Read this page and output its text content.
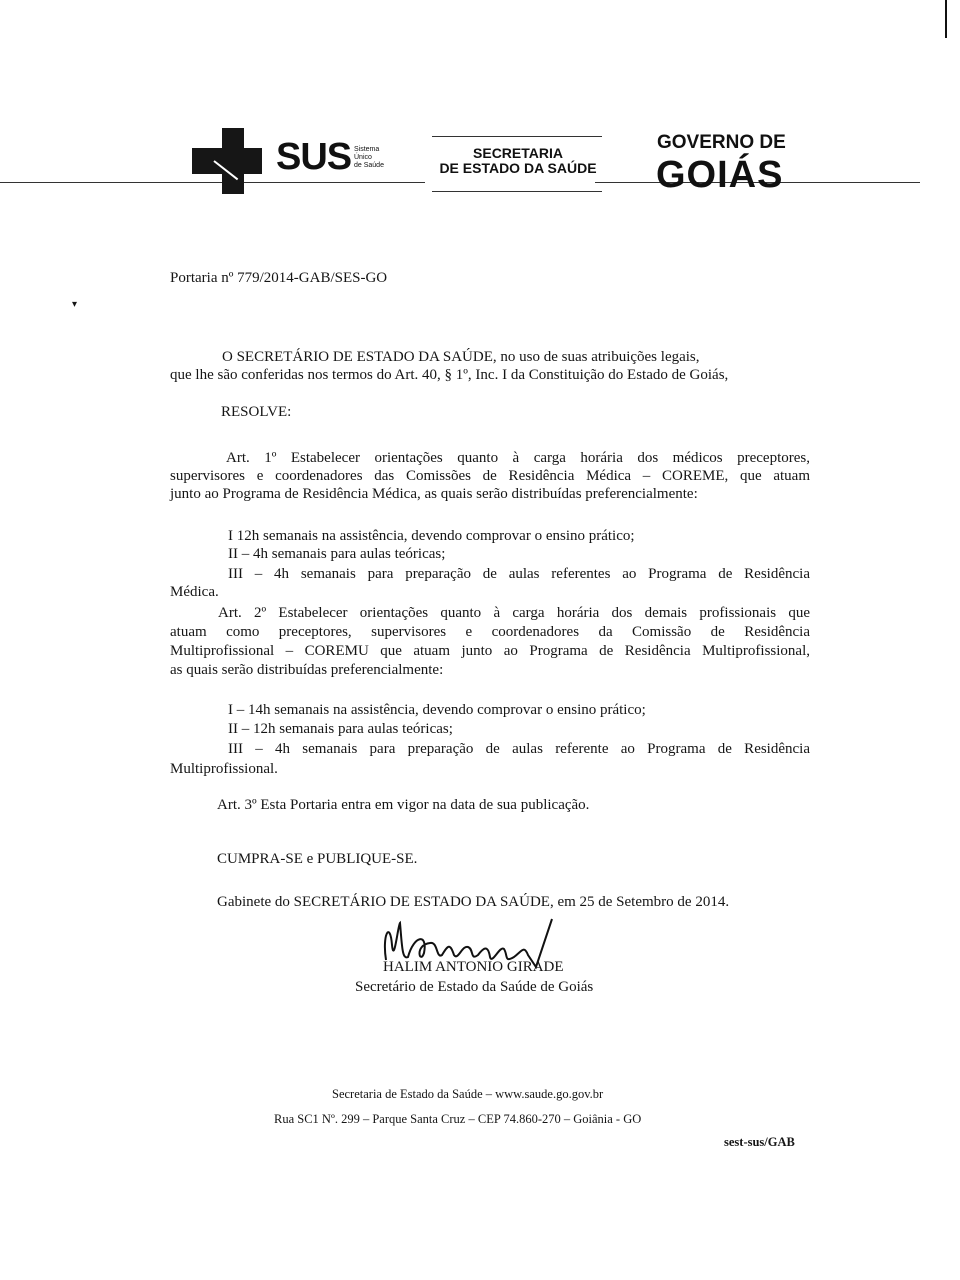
SUS Sistema
Único
de Saúde
SECRETARIA
DE ESTADO DA SAÚDE
GOVERNO DE
GOIÁS
Portaria nº 779/2014-GAB/SES-GO
▾
O SECRETÁRIO DE ESTADO DA SAÚDE, no uso de suas atribuições legais,
que lhe são conferidas nos termos do Art. 40, § 1º, Inc. I da Constituição do Estado de Goiás,
RESOLVE:
Art. 1º Estabelecer orientações quanto à carga horária dos médicos preceptores,
supervisores e coordenadores das Comissões de Residência Médica – COREME, que atuam
junto ao Programa de Residência Médica, as quais serão distribuídas preferencialmente:
I 12h semanais na assistência, devendo comprovar o ensino prático;
II – 4h semanais para aulas teóricas;
III – 4h semanais para preparação de aulas referentes ao Programa de Residência
Médica.
Art. 2º Estabelecer orientações quanto à carga horária dos demais profissionais que
atuam como preceptores, supervisores e coordenadores da Comissão de Residência
Multiprofissional – COREMU que atuam junto ao Programa de Residência Multiprofissional,
as quais serão distribuídas preferencialmente:
I – 14h semanais na assistência, devendo comprovar o ensino prático;
II – 12h semanais para aulas teóricas;
III – 4h semanais para preparação de aulas referente ao Programa de Residência
Multiprofissional.
Art. 3º Esta Portaria entra em vigor na data de sua publicação.
CUMPRA-SE e PUBLIQUE-SE.
Gabinete do SECRETÁRIO DE ESTADO DA SAÚDE, em 25 de Setembro de 2014.
HALIM ANTONIO GIRADE
Secretário de Estado da Saúde de Goiás
Secretaria de Estado da Saúde – www.saude.go.gov.br
Rua SC1 Nº. 299 – Parque Santa Cruz – CEP 74.860-270 – Goiânia - GO
sest-sus/GAB
